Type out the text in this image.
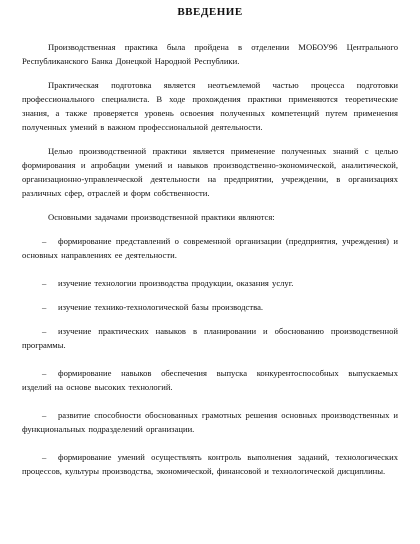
ВВЕДЕНИЕ

Производственная практика была пройдена в отделении МОБОУ96 Центрального Республиканского Банка Донецкой Народной Республики.

Практическая подготовка является неотъемлемой частью процесса подготовки профессионального специалиста. В ходе прохождения практики применяются теоретические знания, а также проверяется уровень освоения полученных компетенций путем применения полученных умений в важном профессиональной деятельности.

Целью производственной практики является применение полученных знаний с целью формирования и апробации умений и навыков производственно-экономической, аналитической, организационно-управленческой деятельности на предприятии, учреждении, в организациях различных сфер, отраслей и форм собственности.

Основными задачами производственной практики являются:

– формирование представлений о современной организации (предприятия, учреждения) и основных направлениях ее деятельности.
– изучение технологии производства продукции, оказания услуг.
– изучение технико-технологической базы производства.
– изучение практических навыков в планировании и обоснованию производственной программы.
– формирование навыков обеспечения выпуска конкурентоспособных выпускаемых изделий на основе высоких технологий.
– развитие способности обоснованных грамотных решения основных производственных и функциональных подразделений организации.
– формирование умений осуществлять контроль выполнения заданий, технологических процессов, культуры производства, экономической, финансовой и технологической дисциплины.
